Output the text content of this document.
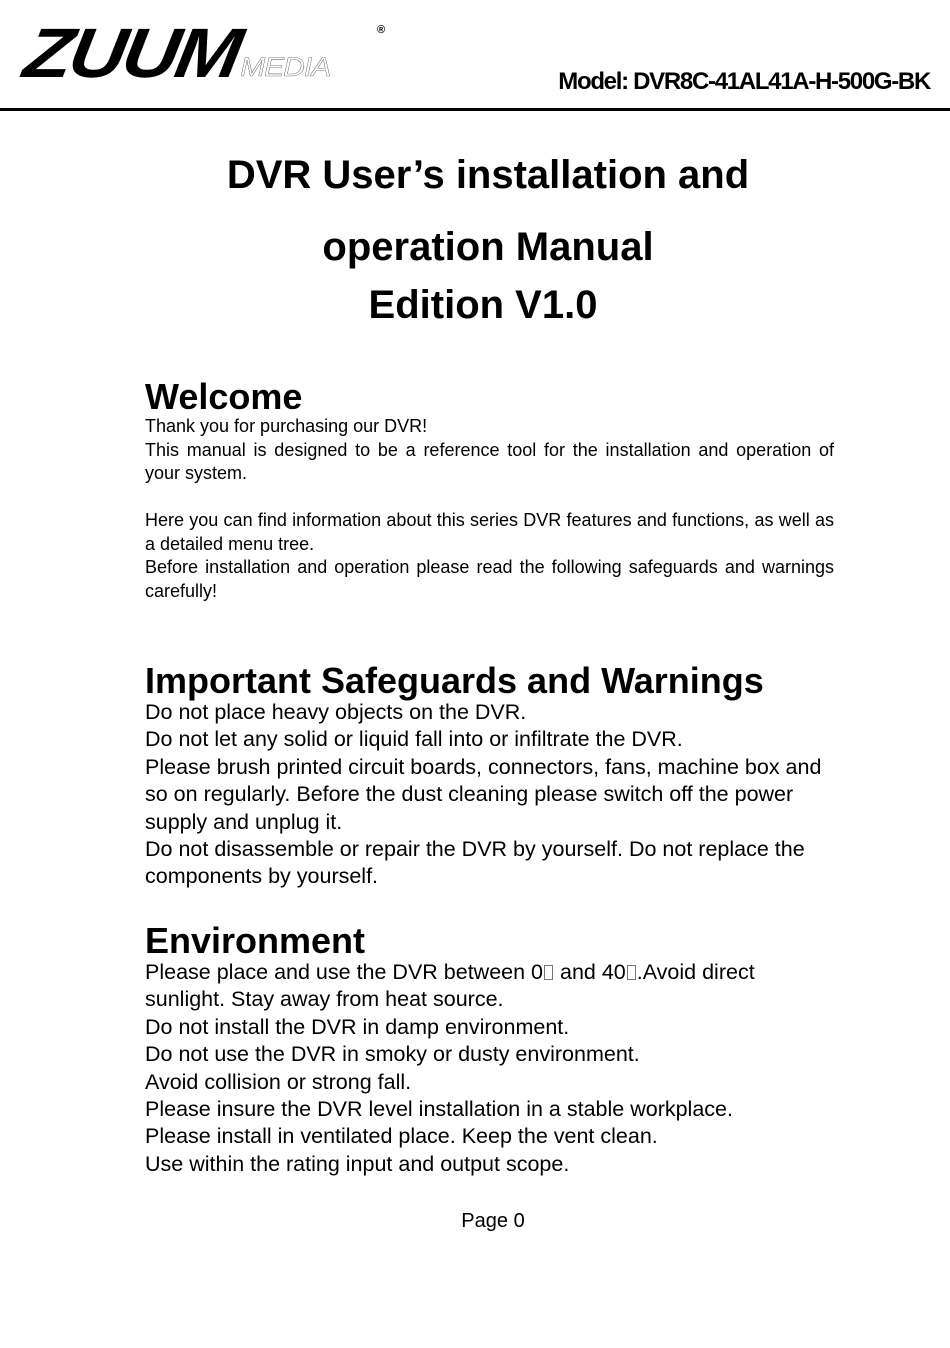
ZUUM
MEDIA
®
Model: DVR8C-41AL41A-H-500G-BK
DVR User’s installation and
operation Manual
Edition V1.0
Welcome

Thank you for purchasing our DVR!

This manual is designed to be a reference tool for the installation and operation of your system.

Here you can find information about this series DVR features and functions, as well as a detailed menu tree.

Before installation and operation please read the following safeguards and warnings carefully!

Important Safeguards and Warnings

Do not place heavy objects on the DVR.

Do not let any solid or liquid fall into or infiltrate the DVR.

Please brush printed circuit boards, connectors, fans, machine box and so on regularly. Before the dust cleaning please switch off the power supply and unplug it.

Do not disassemble or repair the DVR by yourself. Do not replace the components by yourself.

Environment

Please place and use the DVR between 0 and 40 .Avoid direct sunlight. Stay away from heat source.

Do not install the DVR in damp environment.

Do not use the DVR in smoky or dusty environment.

Avoid collision or strong fall.

Please insure the DVR level installation in a stable workplace.

Please install in ventilated place. Keep the vent clean.

Use within the rating input and output scope.

Page 0
